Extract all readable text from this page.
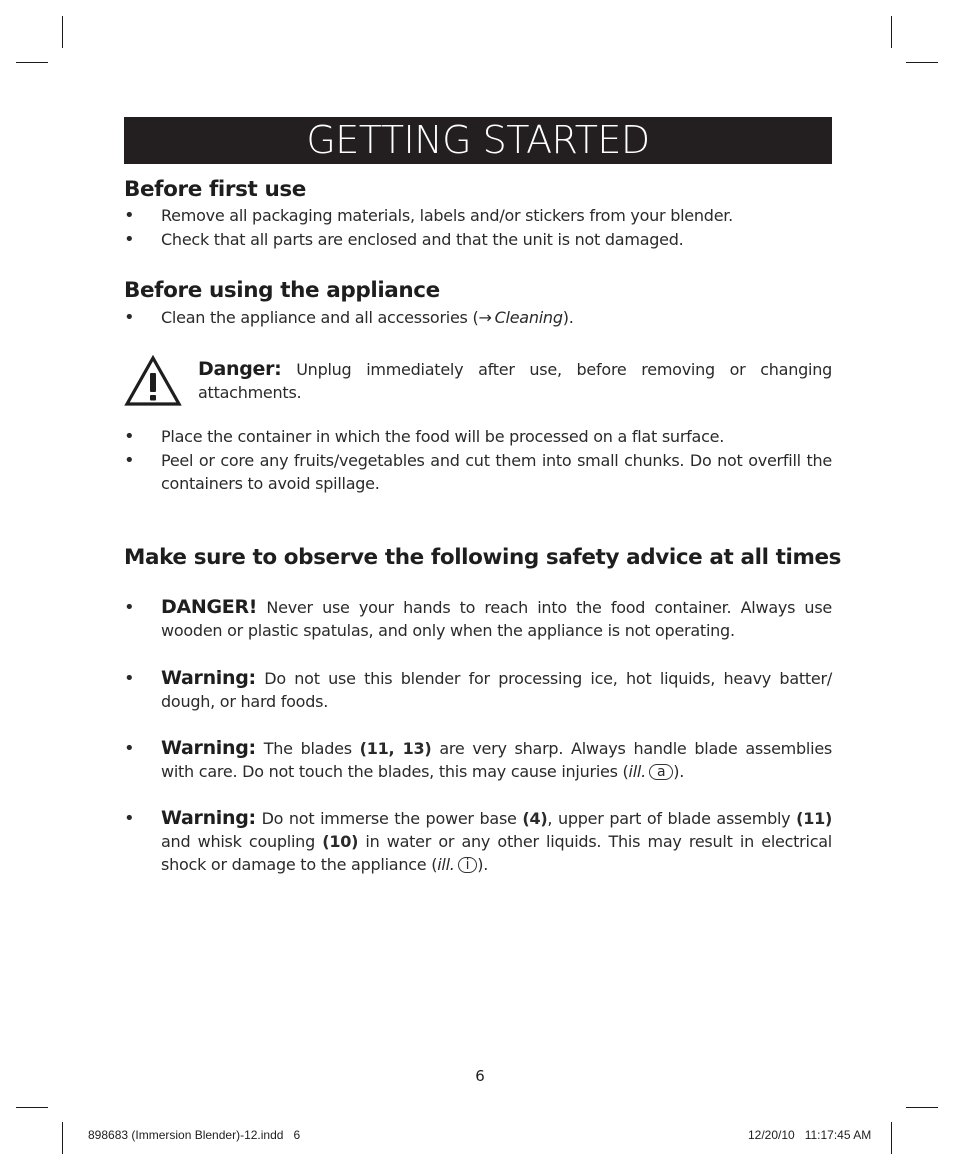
GETTING STARTED
Before first use
• Remove all packaging materials, labels and/or stickers from your blender.
• Check that all parts are enclosed and that the unit is not damaged.
Before using the appliance
• Clean the appliance and all accessories (→  Cleaning).
Danger: Unplug immediately after use, before removing or changing attachments.
• Place the container in which the food will be processed on a flat surface.
• Peel or core any fruits/vegetables and cut them into small chunks. Do not overfill the containers to avoid spillage.
Make sure to observe the following safety advice at all times
• DANGER! Never use your hands to reach into the food container. Always use wooden or plastic spatulas, and only when the appliance is not operating.
• Warning: Do not use this blender for processing ice, hot liquids, heavy batter/ dough, or hard foods.
• Warning: The blades (11, 13) are very sharp. Always handle blade assemblies with care. Do not touch the blades, this may cause injuries (ill. a ).
• Warning: Do not immerse the power base (4), upper part of blade assembly (11) and whisk coupling (10) in water or any other liquids. This may result in electrical shock or damage to the appliance (ill. i ).
6
898683 (Immersion Blender)-12.indd   6	12/20/10   11:17:45 AM
